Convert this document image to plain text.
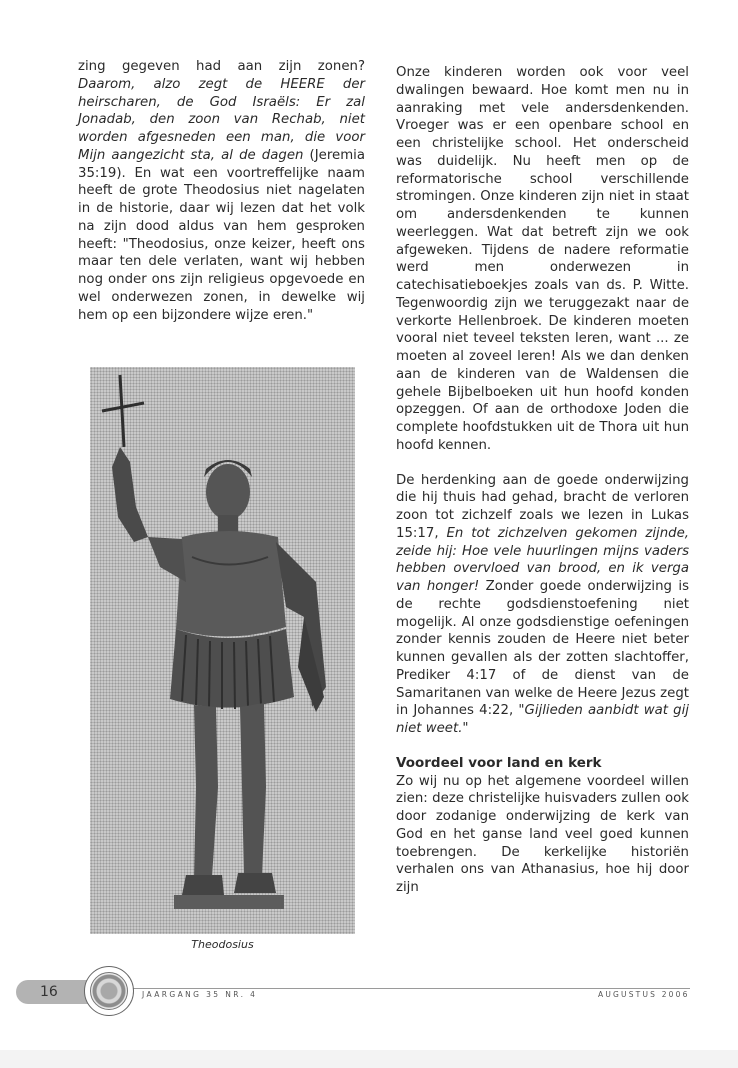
zing gegeven had aan zijn zonen? Daarom, alzo zegt de HEERE der heirscharen, de God Israëls: Er zal Jonadab, den zoon van Rechab, niet worden afgesneden een man, die voor Mijn aangezicht sta, al de dagen (Jeremia 35:19). En wat een voortreffelijke naam heeft de grote Theodosius niet nagelaten in de historie, daar wij lezen dat het volk na zijn dood aldus van hem gesproken heeft: "Theodosius, onze keizer, heeft ons maar ten dele verlaten, want wij hebben nog onder ons zijn religieus opgevoede en wel onderwezen zonen, in dewelke wij hem op een bijzondere wijze eren."

Theodosius

Onze kinderen worden ook voor veel dwalingen bewaard. Hoe komt men nu in aanraking met vele andersdenkenden. Vroeger was er een openbare school en een christelijke school. Het onderscheid was duidelijk. Nu heeft men op de reformatorische school verschillende stromingen. Onze kinderen zijn niet in staat om andersdenkenden te kunnen weerleggen. Wat dat betreft zijn we ook afgeweken. Tijdens de nadere reformatie werd men onderwezen in catechisatieboekjes zoals van ds. P. Witte. Tegenwoordig zijn we teruggezakt naar de verkorte Hellenbroek. De kinderen moeten vooral niet teveel teksten leren, want ... ze moeten al zoveel leren! Als we dan denken aan de kinderen van de Waldensen die gehele Bijbelboeken uit hun hoofd konden opzeggen. Of aan de orthodoxe Joden die complete hoofdstukken uit de Thora uit hun hoofd kennen.

De herdenking aan de goede onderwijzing die hij thuis had gehad, bracht de verloren zoon tot zichzelf zoals we lezen in Lukas 15:17, En tot zichzelven gekomen zijnde, zeide hij: Hoe vele huurlingen mijns vaders hebben overvloed van brood, en ik verga van honger! Zonder goede onderwijzing is de rechte godsdienstoefening niet mogelijk. Al onze godsdienstige oefeningen zonder kennis zouden de Heere niet beter kunnen gevallen als der zotten slachtoffer, Prediker 4:17 of de dienst van de Samaritanen van welke de Heere Jezus zegt in Johannes 4:22, "Gijlieden aanbidt wat gij niet weet."

Voordeel voor land en kerk

Zo wij nu op het algemene voordeel willen zien: deze christelijke huisvaders zullen ook door zodanige onderwijzing de kerk van God en het ganse land veel goed kunnen toebrengen. De kerkelijke historiën verhalen ons van Athanasius, hoe hij door zijn

16	JAARGANG 35 NR. 4	AUGUSTUS 2006
